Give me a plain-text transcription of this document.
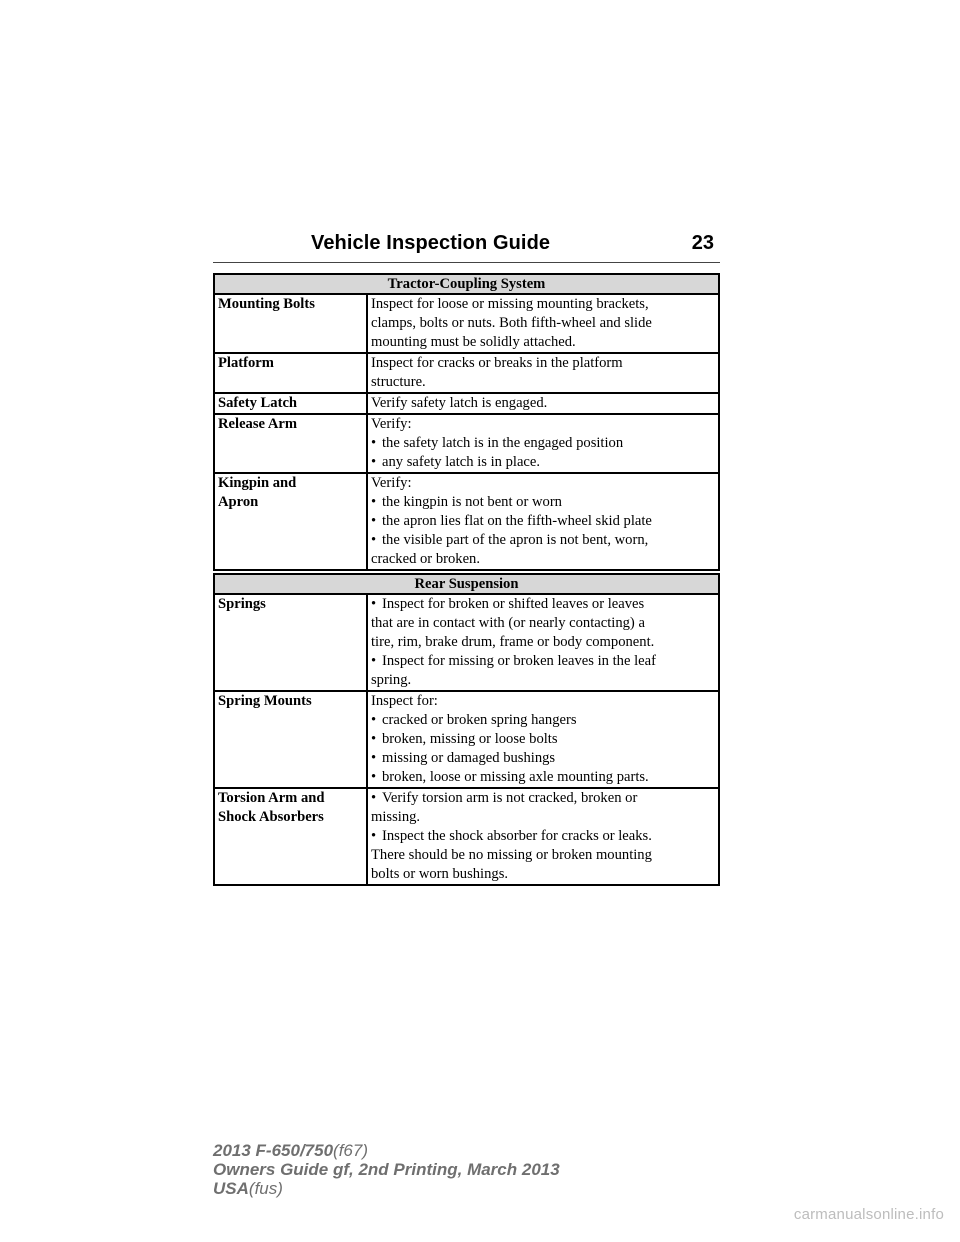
Vehicle Inspection Guide	23
Tractor-Coupling System	

Mounting Bolts	Inspect for loose or missing mounting brackets,
clamps, bolts or nuts. Both fifth-wheel and slide
mounting must be solidly attached.

Platform	Inspect for cracks or breaks in the platform
structure.

Safety Latch	Verify safety latch is engaged.

Release Arm	Verify:
• the safety latch is in the engaged position
• any safety latch is in place.

Kingpin and
Apron	Verify:
• the kingpin is not bent or worn
• the apron lies flat on the fifth-wheel skid plate
• the visible part of the apron is not bent, worn,
cracked or broken.
Rear Suspension	

Springs	• Inspect for broken or shifted leaves or leaves
that are in contact with (or nearly contacting) a
tire, rim, brake drum, frame or body component.
• Inspect for missing or broken leaves in the leaf
spring.

Spring Mounts	Inspect for:
• cracked or broken spring hangers
• broken, missing or loose bolts
• missing or damaged bushings
• broken, loose or missing axle mounting parts.

Torsion Arm and
Shock Absorbers	• Verify torsion arm is not cracked, broken or
missing.
• Inspect the shock absorber for cracks or leaks.
There should be no missing or broken mounting
bolts or worn bushings.
2013 F-650/750(f67)
Owners Guide gf, 2nd Printing, March 2013
USA(fus)
carmanualsonline.info
